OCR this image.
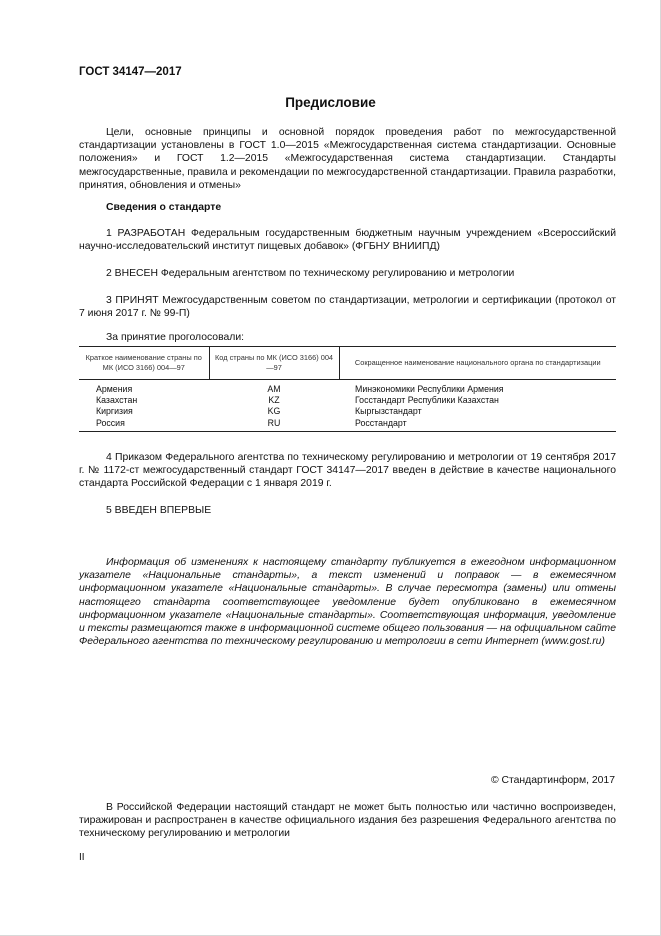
ГОСТ 34147—2017
Предисловие
Цели, основные принципы и основной порядок проведения работ по межгосударственной стандартизации установлены в ГОСТ 1.0—2015 «Межгосударственная система стандартизации. Основные положения» и ГОСТ 1.2—2015 «Межгосударственная система стандартизации. Стандарты межгосударственные, правила и рекомендации по межгосударственной стандартизации. Правила разработки, принятия, обновления и отмены»
Сведения о стандарте
1 РАЗРАБОТАН Федеральным государственным бюджетным научным учреждением «Всероссийский научно-исследовательский институт пищевых добавок» (ФГБНУ ВНИИПД)
2 ВНЕСЕН Федеральным агентством по техническому регулированию и метрологии
3 ПРИНЯТ Межгосударственным советом по стандартизации, метрологии и сертификации (протокол от 7 июня 2017 г. № 99-П)
За принятие проголосовали:
Краткое наименование страны по МК (ИСО 3166) 004—97	Код страны по МК (ИСО 3166) 004—97	Сокращенное наименование национального органа по стандартизации
Армения	AM	Минэкономики Республики Армения
Казахстан	KZ	Госстандарт Республики Казахстан
Киргизия	KG	Кыргызстандарт
Россия	RU	Росстандарт
4 Приказом Федерального агентства по техническому регулированию и метрологии от 19 сентября 2017 г. № 1172-ст межгосударственный стандарт ГОСТ 34147—2017 введен в действие в качестве национального стандарта Российской Федерации с 1 января 2019 г.
5 ВВЕДЕН ВПЕРВЫЕ
Информация об изменениях к настоящему стандарту публикуется в ежегодном информационном указателе «Национальные стандарты», а текст изменений и поправок — в ежемесячном информационном указателе «Национальные стандарты». В случае пересмотра (замены) или отмены настоящего стандарта соответствующее уведомление будет опубликовано в ежемесячном информационном указателе «Национальные стандарты». Соответствующая информация, уведомление и тексты размещаются также в информационной системе общего пользования — на официальном сайте Федерального агентства по техническому регулированию и метрологии в сети Интернет (www.gost.ru)
© Стандартинформ, 2017
В Российской Федерации настоящий стандарт не может быть полностью или частично воспроизведен, тиражирован и распространен в качестве официального издания без разрешения Федерального агентства по техническому регулированию и метрологии
II
